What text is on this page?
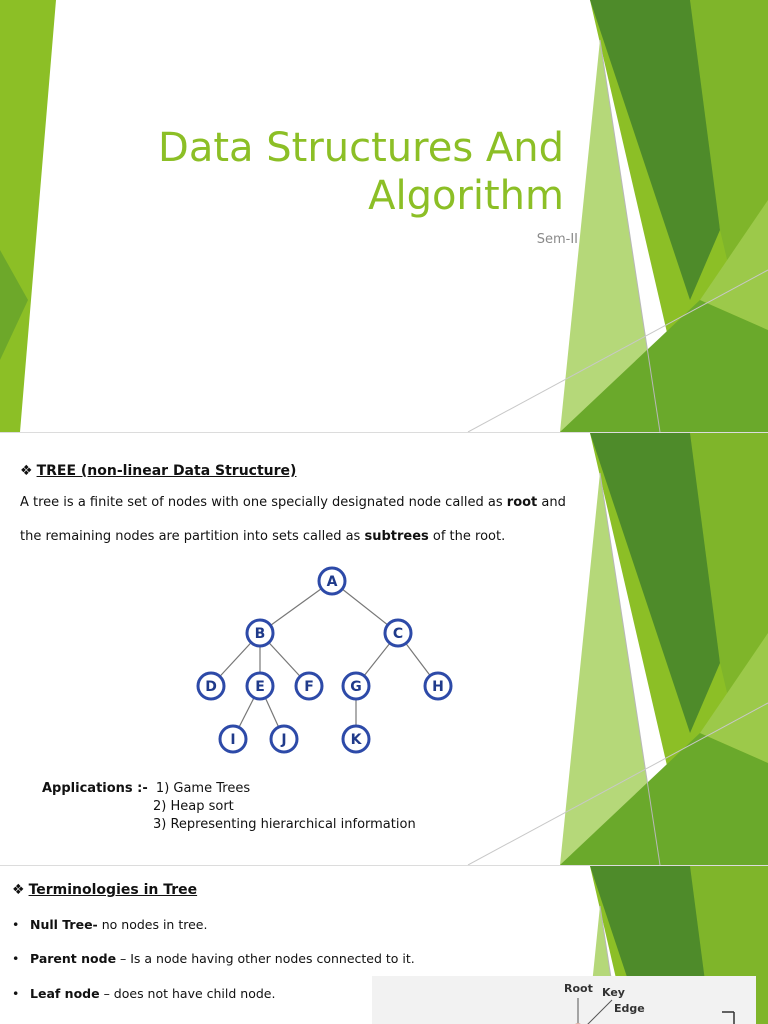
Data Structures And
Algorithm
Sem-II
❖ TREE (non-linear Data Structure)
A tree is a finite set of nodes with one specially designated node called as root and
the remaining nodes are partition into sets called as subtrees of the root.
A
B	C
D	E	F	G	H
I	J	K
Applications :- 1) Game Trees
2) Heap sort
3) Representing hierarchical information
❖ Terminologies in Tree
• Null Tree- no nodes in tree.
• Parent node – Is a node having other nodes connected to it.
• Leaf node – does not have child node.	Root Key
Edge
